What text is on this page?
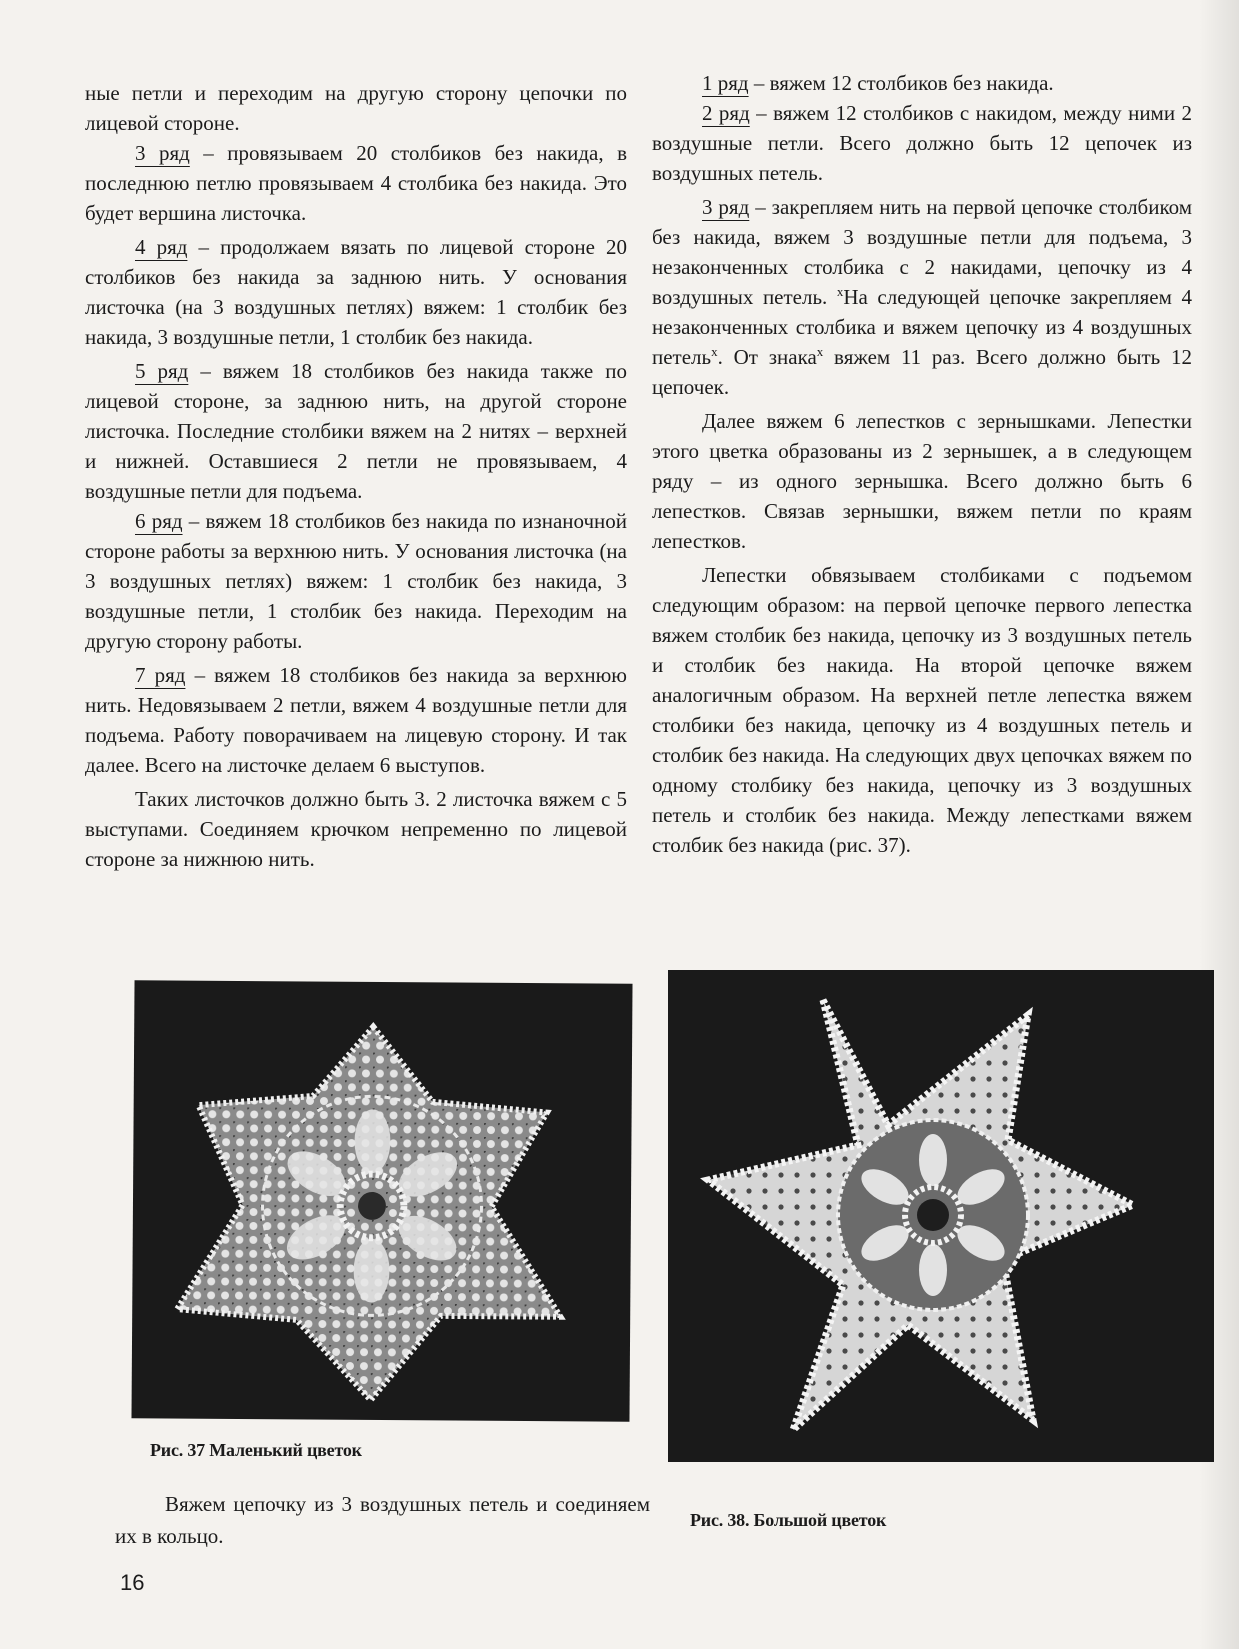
ные петли и переходим на другую сторону цепочки по лицевой стороне.

3 ряд – провязываем 20 столбиков без накида, в последнюю петлю провязываем 4 столбика без накида. Это будет вершина листочка.

4 ряд – продолжаем вязать по лицевой стороне 20 столбиков без накида за заднюю нить. У основания листочка (на 3 воздушных петлях) вяжем: 1 столбик без накида, 3 воздушные петли, 1 столбик без накида.

5 ряд – вяжем 18 столбиков без накида также по лицевой стороне, за заднюю нить, на другой стороне листочка. Последние столбики вяжем на 2 нитях – верхней и нижней. Оставшиеся 2 петли не провязываем, 4 воздушные петли для подъема.

6 ряд – вяжем 18 столбиков без накида по изнаночной стороне работы за верхнюю нить. У основания листочка (на 3 воздушных петлях) вяжем: 1 столбик без накида, 3 воздушные петли, 1 столбик без накида. Переходим на другую сторону работы.

7 ряд – вяжем 18 столбиков без накида за верхнюю нить. Недовязываем 2 петли, вяжем 4 воздушные петли для подъема. Работу поворачиваем на лицевую сторону. И так далее. Всего на листочке делаем 6 выступов.

Таких листочков должно быть 3. 2 листочка вяжем с 5 выступами. Соединяем крючком непременно по лицевой стороне за нижнюю нить.

1 ряд – вяжем 12 столбиков без накида.

2 ряд – вяжем 12 столбиков с накидом, между ними 2 воздушные петли. Всего должно быть 12 цепочек из воздушных петель.

3 ряд – закрепляем нить на первой цепочке столбиком без накида, вяжем 3 воздушные петли для подъема, 3 незаконченных столбика с 2 накидами, цепочку из 4 воздушных петель. $^x$На следующей цепочке закрепляем 4 незаконченных столбика и вяжем цепочку из 4 воздушных петель$^x$. От знака$^x$ вяжем 11 раз. Всего должно быть 12 цепочек.

Далее вяжем 6 лепестков с зернышками. Лепестки этого цветка образованы из 2 зернышек, а в следующем ряду – из одного зернышка. Всего должно быть 6 лепестков. Связав зернышки, вяжем петли по краям лепестков.

Лепестки обвязываем столбиками с подъемом следующим образом: на первой цепочке первого лепестка вяжем столбик без накида, цепочку из 3 воздушных петель и столбик без накида. На второй цепочке вяжем аналогичным образом. На верхней петле лепестка вяжем столбики без накида, цепочку из 4 воздушных петель и столбик без накида. На следующих двух цепочках вяжем по одному столбику без накида, цепочку из 3 воздушных петель и столбик без накида. Между лепестками вяжем столбик без накида (рис. 37).

Рис. 37 Маленький цветок
Рис. 38. Большой цветок

Вяжем цепочку из 3 воздушных петель и соединяем их в кольцо.

16
